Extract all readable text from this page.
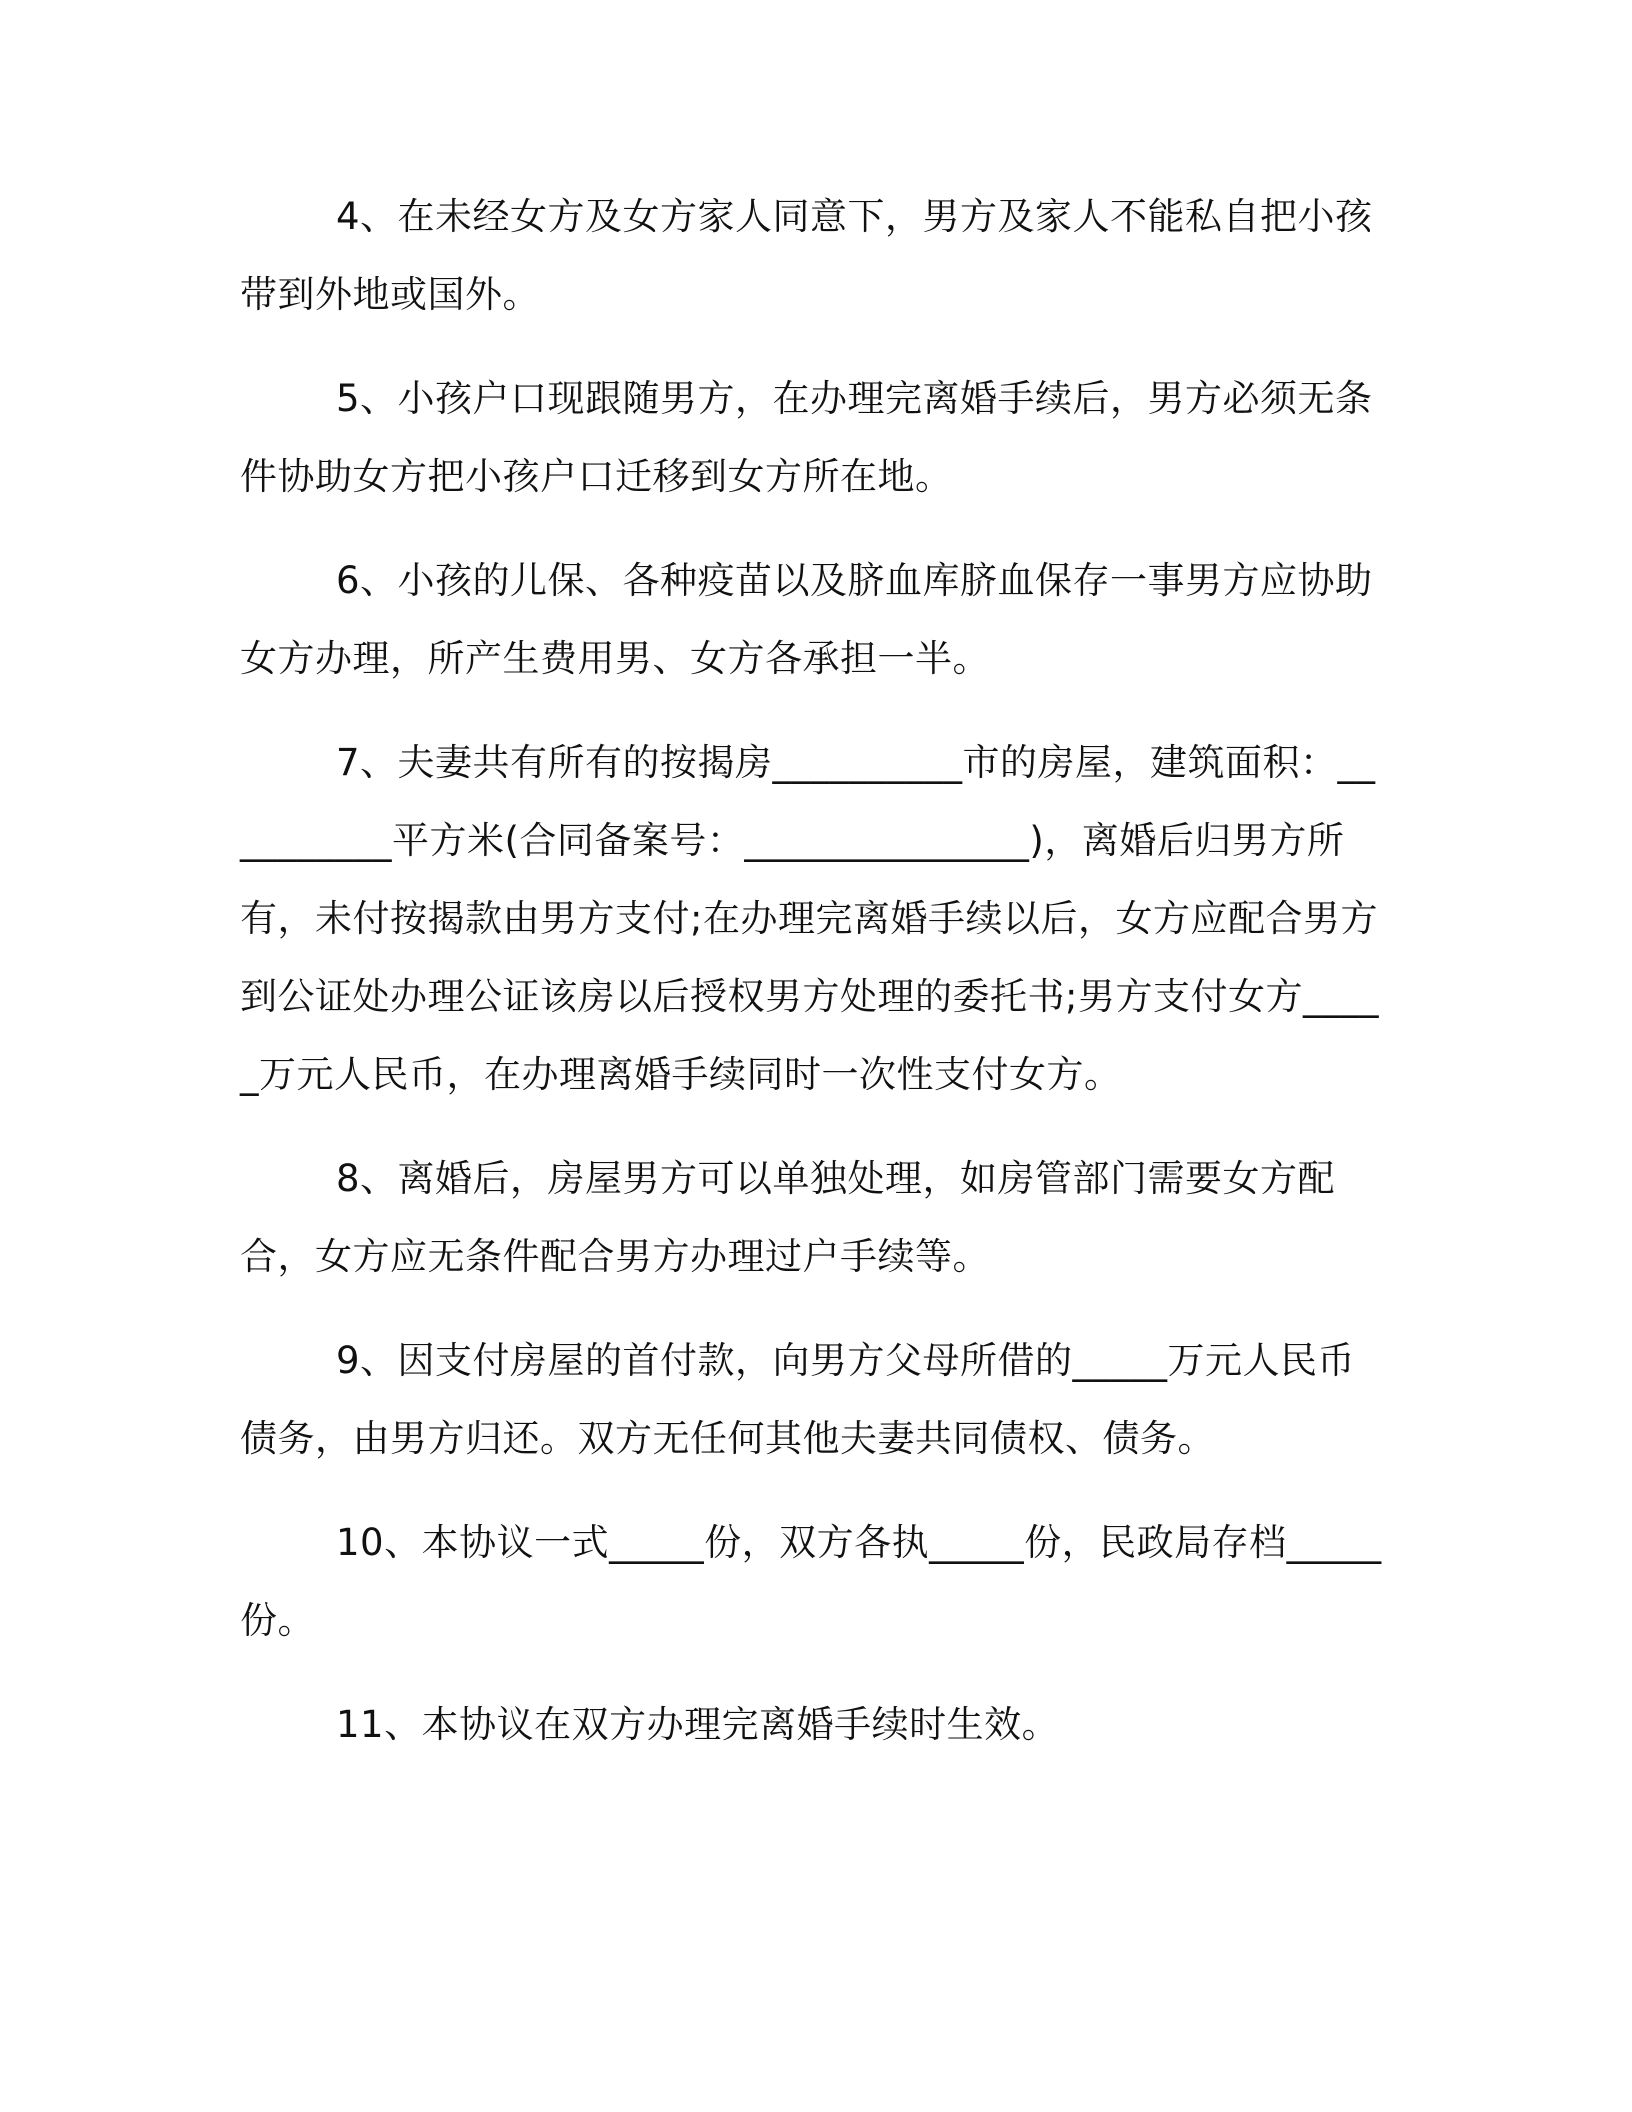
4、在未经女方及女方家人同意下，男方及家人不能私自把小孩带到外地或国外。

5、小孩户口现跟随男方，在办理完离婚手续后，男方必须无条件协助女方把小孩户口迁移到女方所在地。

6、小孩的儿保、各种疫苗以及脐血库脐血保存一事男方应协助女方办理，所产生费用男、女方各承担一半。

7、夫妻共有所有的按揭房__________市的房屋，建筑面积：__________平方米(合同备案号：_______________)，离婚后归男方所有，未付按揭款由男方支付;在办理完离婚手续以后，女方应配合男方到公证处办理公证该房以后授权男方处理的委托书;男方支付女方_____万元人民币，在办理离婚手续同时一次性支付女方。

8、离婚后，房屋男方可以单独处理，如房管部门需要女方配合，女方应无条件配合男方办理过户手续等。

9、因支付房屋的首付款，向男方父母所借的_____万元人民币债务，由男方归还。双方无任何其他夫妻共同债权、债务。

10、本协议一式_____份，双方各执_____份，民政局存档_____份。

11、本协议在双方办理完离婚手续时生效。
